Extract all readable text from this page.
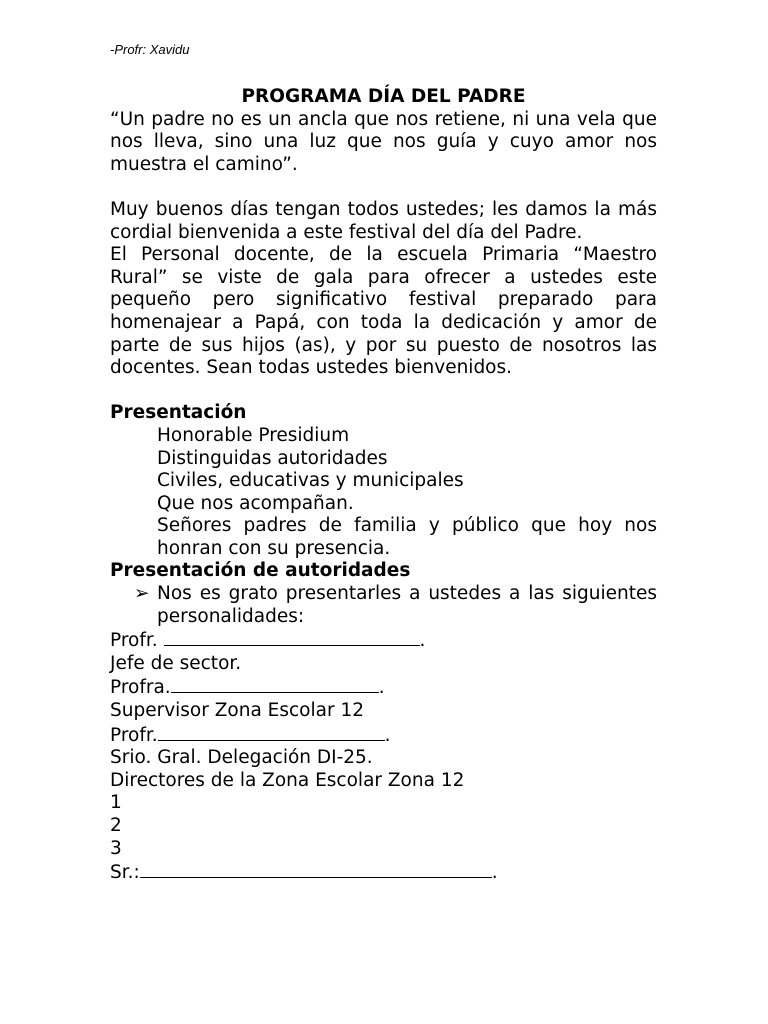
-Profr: Xavidu

PROGRAMA DÍA DEL PADRE

“Un padre no es un ancla que nos retiene, ni una vela que nos lleva, sino una luz que nos guía y cuyo amor nos muestra el camino”.

Muy buenos días tengan todos ustedes; les damos la más cordial bienvenida a este festival del día del Padre.

El Personal docente, de la escuela Primaria “Maestro Rural” se viste de gala para ofrecer a ustedes este pequeño pero significativo festival preparado para homenajear a Papá, con toda la dedicación y amor de parte de sus hijos (as), y por su puesto de nosotros las docentes. Sean todas ustedes bienvenidos.

Presentación

Honorable Presidium

Distinguidas autoridades

Civiles, educativas y municipales

Que nos acompañan.

Señores padres de familia y público que hoy nos honran con su presencia.

Presentación de autoridades

➢ Nos es grato presentarles a ustedes a las siguientes personalidades:

Profr.	.

Jefe de sector.

Profra.	.

Supervisor Zona Escolar 12

Profr.	.

Srio. Gral. Delegación DI-25.

Directores de la Zona Escolar Zona 12

1

2

3

Sr.:	.
